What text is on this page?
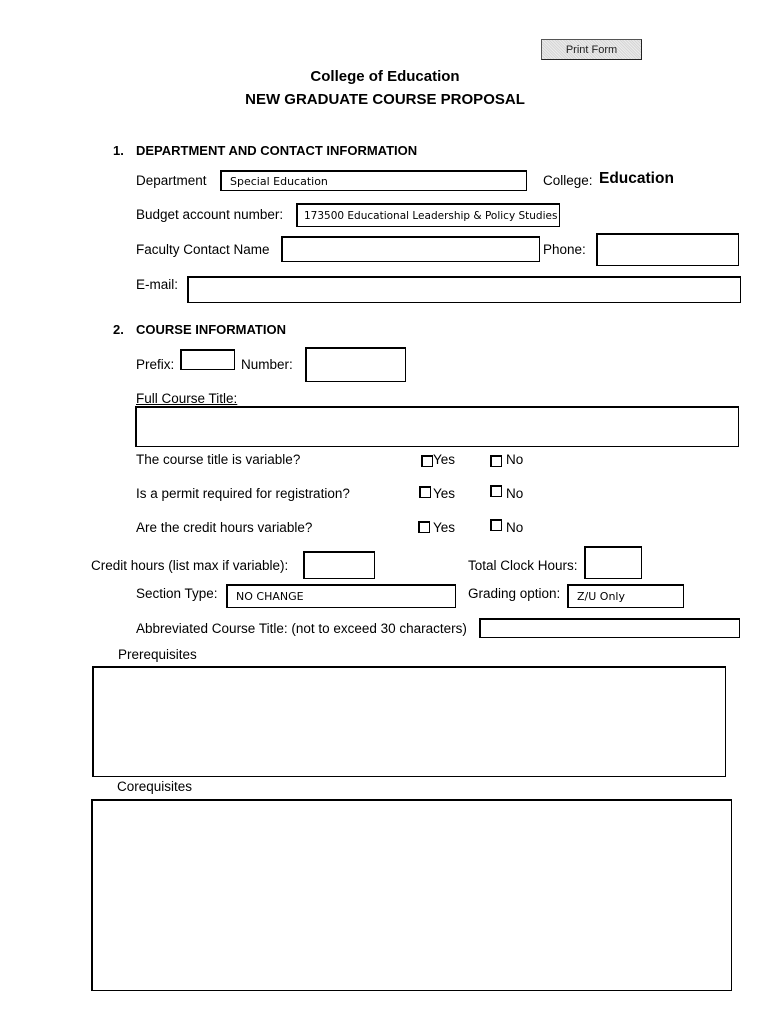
Print Form
College of Education
NEW GRADUATE COURSE PROPOSAL
1. DEPARTMENT AND CONTACT INFORMATION
Department	Special Education	College: Education
Budget account number:	173500 Educational Leadership & Policy Studies
Faculty Contact Name	Phone:
E-mail:
2. COURSE INFORMATION
Prefix:	Number:
Full Course Title:
The course title is variable?	Yes	No
Is a permit required for registration?	Yes	No
Are the credit hours variable?	Yes	No
Credit hours (list max if variable):	Total Clock Hours:
Section Type:	NO CHANGE	Grading option:	Z/U Only
Abbreviated Course Title: (not to exceed 30 characters)
Prerequisites
Corequisites
